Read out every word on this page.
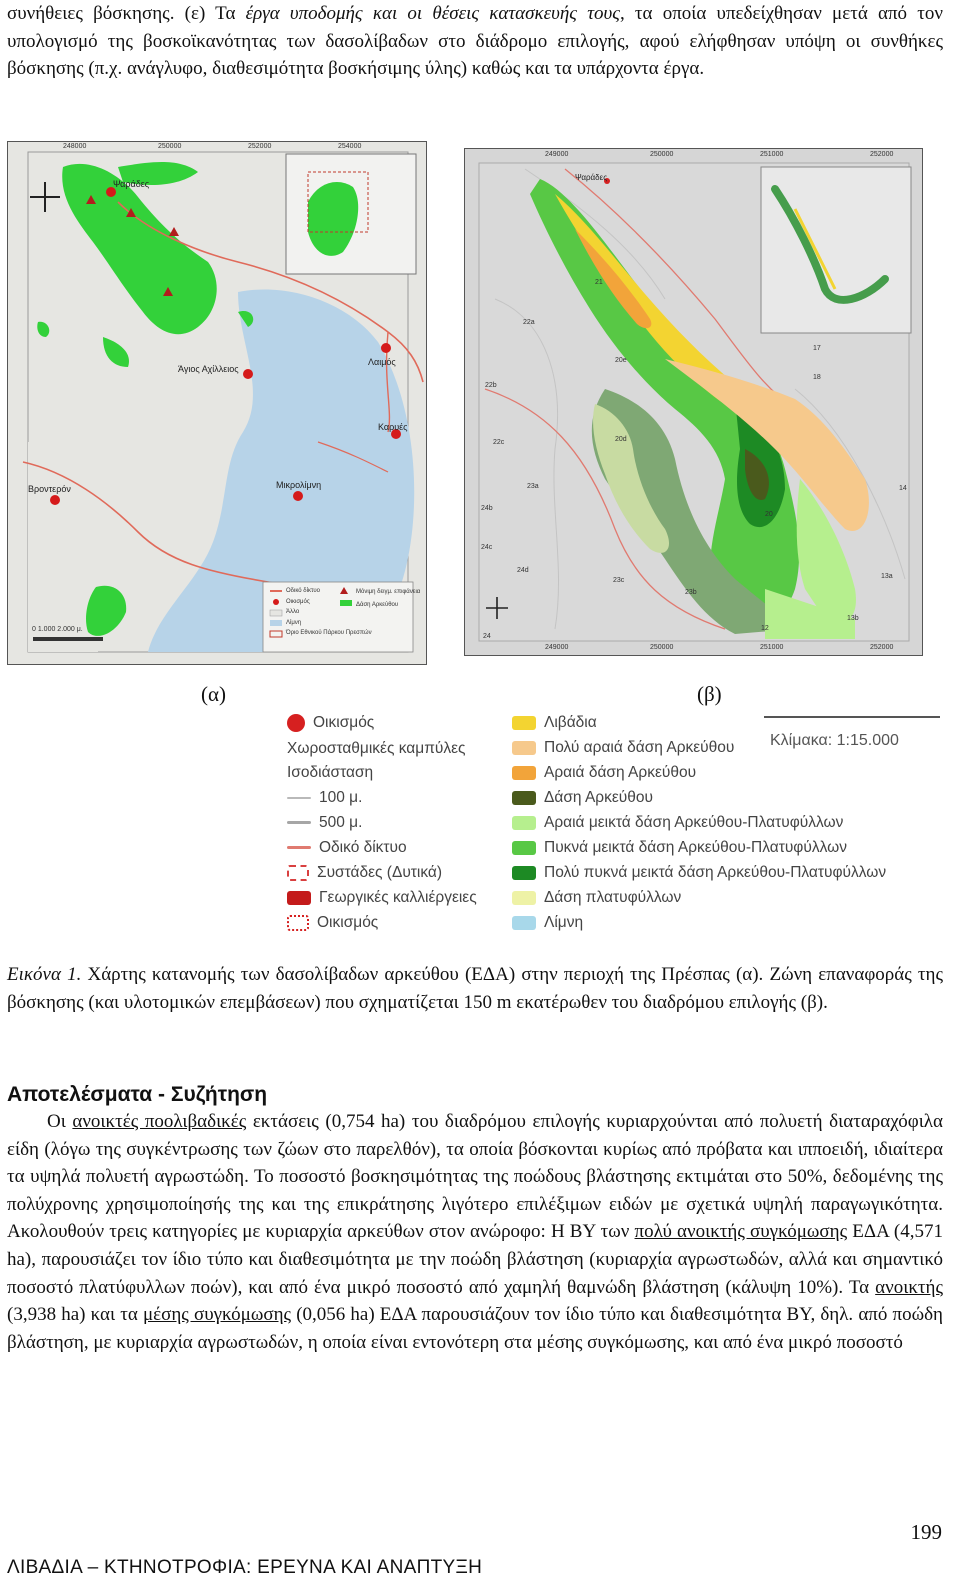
συνήθειες βόσκησης. (ε) Τα έργα υποδομής και οι θέσεις κατασκευής τους, τα οποία υπεδείχθησαν μετά από τον υπολογισμό της βοσκοϊκανότητας των δασολίβαδων στο διάδρομο επιλογής, αφού ελήφθησαν υπόψη οι συνθήκες βόσκησης (π.χ. ανάγλυφο, διαθεσιμότητα βοσκήσιμης ύλης) καθώς και τα υπάρχοντα έργα.
Ψαράδες
Άγιος Αχίλλειος
Λαιμός
Καρυές
Βροντερόν	Μικρολίμνη
248000	250000	252000	254000
0 1.000 2.000 μ.
Οδικό δίκτυο
Οικισμός
Άλλο
Λίμνη
Όριο Εθνικού Πάρκου Πρεσπών
Μόνιμη δειγμ. επιφάνεια
Δάση Αρκεύθου
Ψαράδες
249000	250000	251000	252000
249000	250000	251000	252000
21
22a
22b
22c
20e
20d
23a
24b
24c
24d
23c
23b
24
17
18
14
13a
13b
12
20
(α)	(β)
Οικισμός
Χωροσταθμικές καμπύλες
Ισοδιάσταση
100 μ.
500 μ.
Οδικό δίκτυο
Συστάδες (Δυτικά)
Γεωργικές καλλιέργειες
Οικισμός
Λιβάδια
Πολύ αραιά δάση Αρκεύθου
Αραιά δάση Αρκεύθου
Δάση Αρκεύθου
Αραιά μεικτά δάση Αρκεύθου-Πλατυφύλλων
Πυκνά μεικτά δάση Αρκεύθου-Πλατυφύλλων
Πολύ πυκνά μεικτά δάση Αρκεύθου-Πλατυφύλλων
Δάση πλατυφύλλων
Λίμνη
Κλίμακα: 1:15.000
Εικόνα 1. Χάρτης κατανομής των δασολίβαδων αρκεύθου (ΕΔΑ) στην περιοχή της Πρέσπας (α). Ζώνη επαναφοράς της βόσκησης (και υλοτομικών επεμβάσεων) που σχηματίζεται 150 m εκατέρωθεν του διαδρόμου επιλογής (β).
Αποτελέσματα - Συζήτηση
Οι ανοικτές ποολιβαδικές εκτάσεις (0,754 ha) του διαδρόμου επιλογής κυριαρχούνται από πολυετή διαταραχόφιλα είδη (λόγω της συγκέντρωσης των ζώων στο παρελθόν), τα οποία βόσκονται κυρίως από πρόβατα και ιπποειδή, ιδιαίτερα τα υψηλά πολυετή αγρωστώδη. Το ποσοστό βοσκησιμότητας της ποώδους βλάστησης εκτιμάται στο 50%, δεδομένης της πολύχρονης χρησιμοποίησής της και της επικράτησης λιγότερο επιλέξιμων ειδών με σχετικά υψηλή παραγωγικότητα. Ακολουθούν τρεις κατηγορίες με κυριαρχία αρκεύθων στον ανώροφο: Η ΒΥ των πολύ ανοικτής συγκόμωσης ΕΔΑ (4,571 ha), παρουσιάζει τον ίδιο τύπο και διαθεσιμότητα με την ποώδη βλάστηση (κυριαρχία αγρωστωδών, αλλά και σημαντικό ποσοστό πλατύφυλλων ποών), και από ένα μικρό ποσοστό από χαμηλή θαμνώδη βλάστηση (κάλυψη 10%). Τα ανοικτής (3,938 ha) και τα μέσης συγκόμωσης (0,056 ha) ΕΔΑ παρουσιάζουν τον ίδιο τύπο και διαθεσιμότητα ΒΥ, δηλ. από ποώδη βλάστηση, με κυριαρχία αγρωστωδών, η οποία είναι εντονότερη στα μέσης συγκόμωσης, και από ένα μικρό ποσοστό
199
ΛΙΒΑΔΙΑ – ΚΤΗΝΟΤΡΟΦΙΑ: ΕΡΕΥΝΑ ΚΑΙ ΑΝΑΠΤΥΞΗ
